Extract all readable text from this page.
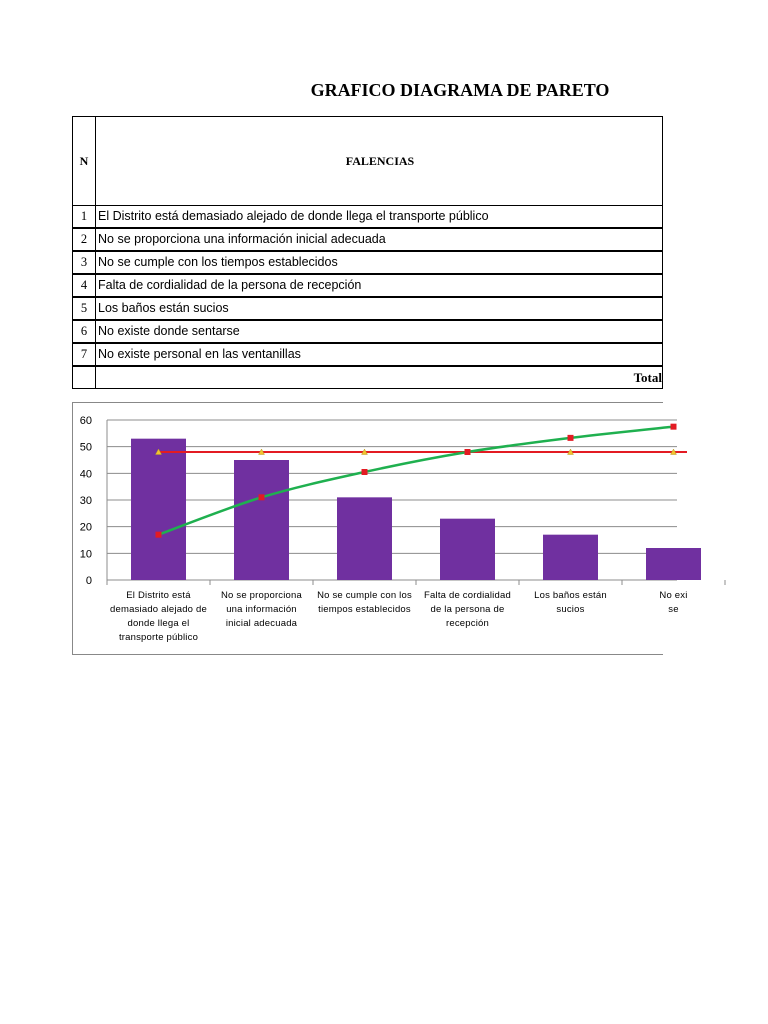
GRAFICO DIAGRAMA DE PARETO
N	FALENCIAS
1	El Distrito está demasiado alejado de donde llega el transporte público
2	No se proporciona una información inicial adecuada
3	No se cumple con los tiempos establecidos
4	Falta de cordialidad de la persona de recepción
5	Los baños están sucios
6	No existe donde sentarse
7	No existe personal en las ventanillas
	Total
0
10
20
30
40
50
60
El Distrito está
demasiado alejado de
donde llega el
transporte público
No se proporciona
una información
inicial adecuada
No se cumple con los
tiempos establecidos
Falta de cordialidad
de la persona de
recepción
Los baños están
sucios
No exi
se
